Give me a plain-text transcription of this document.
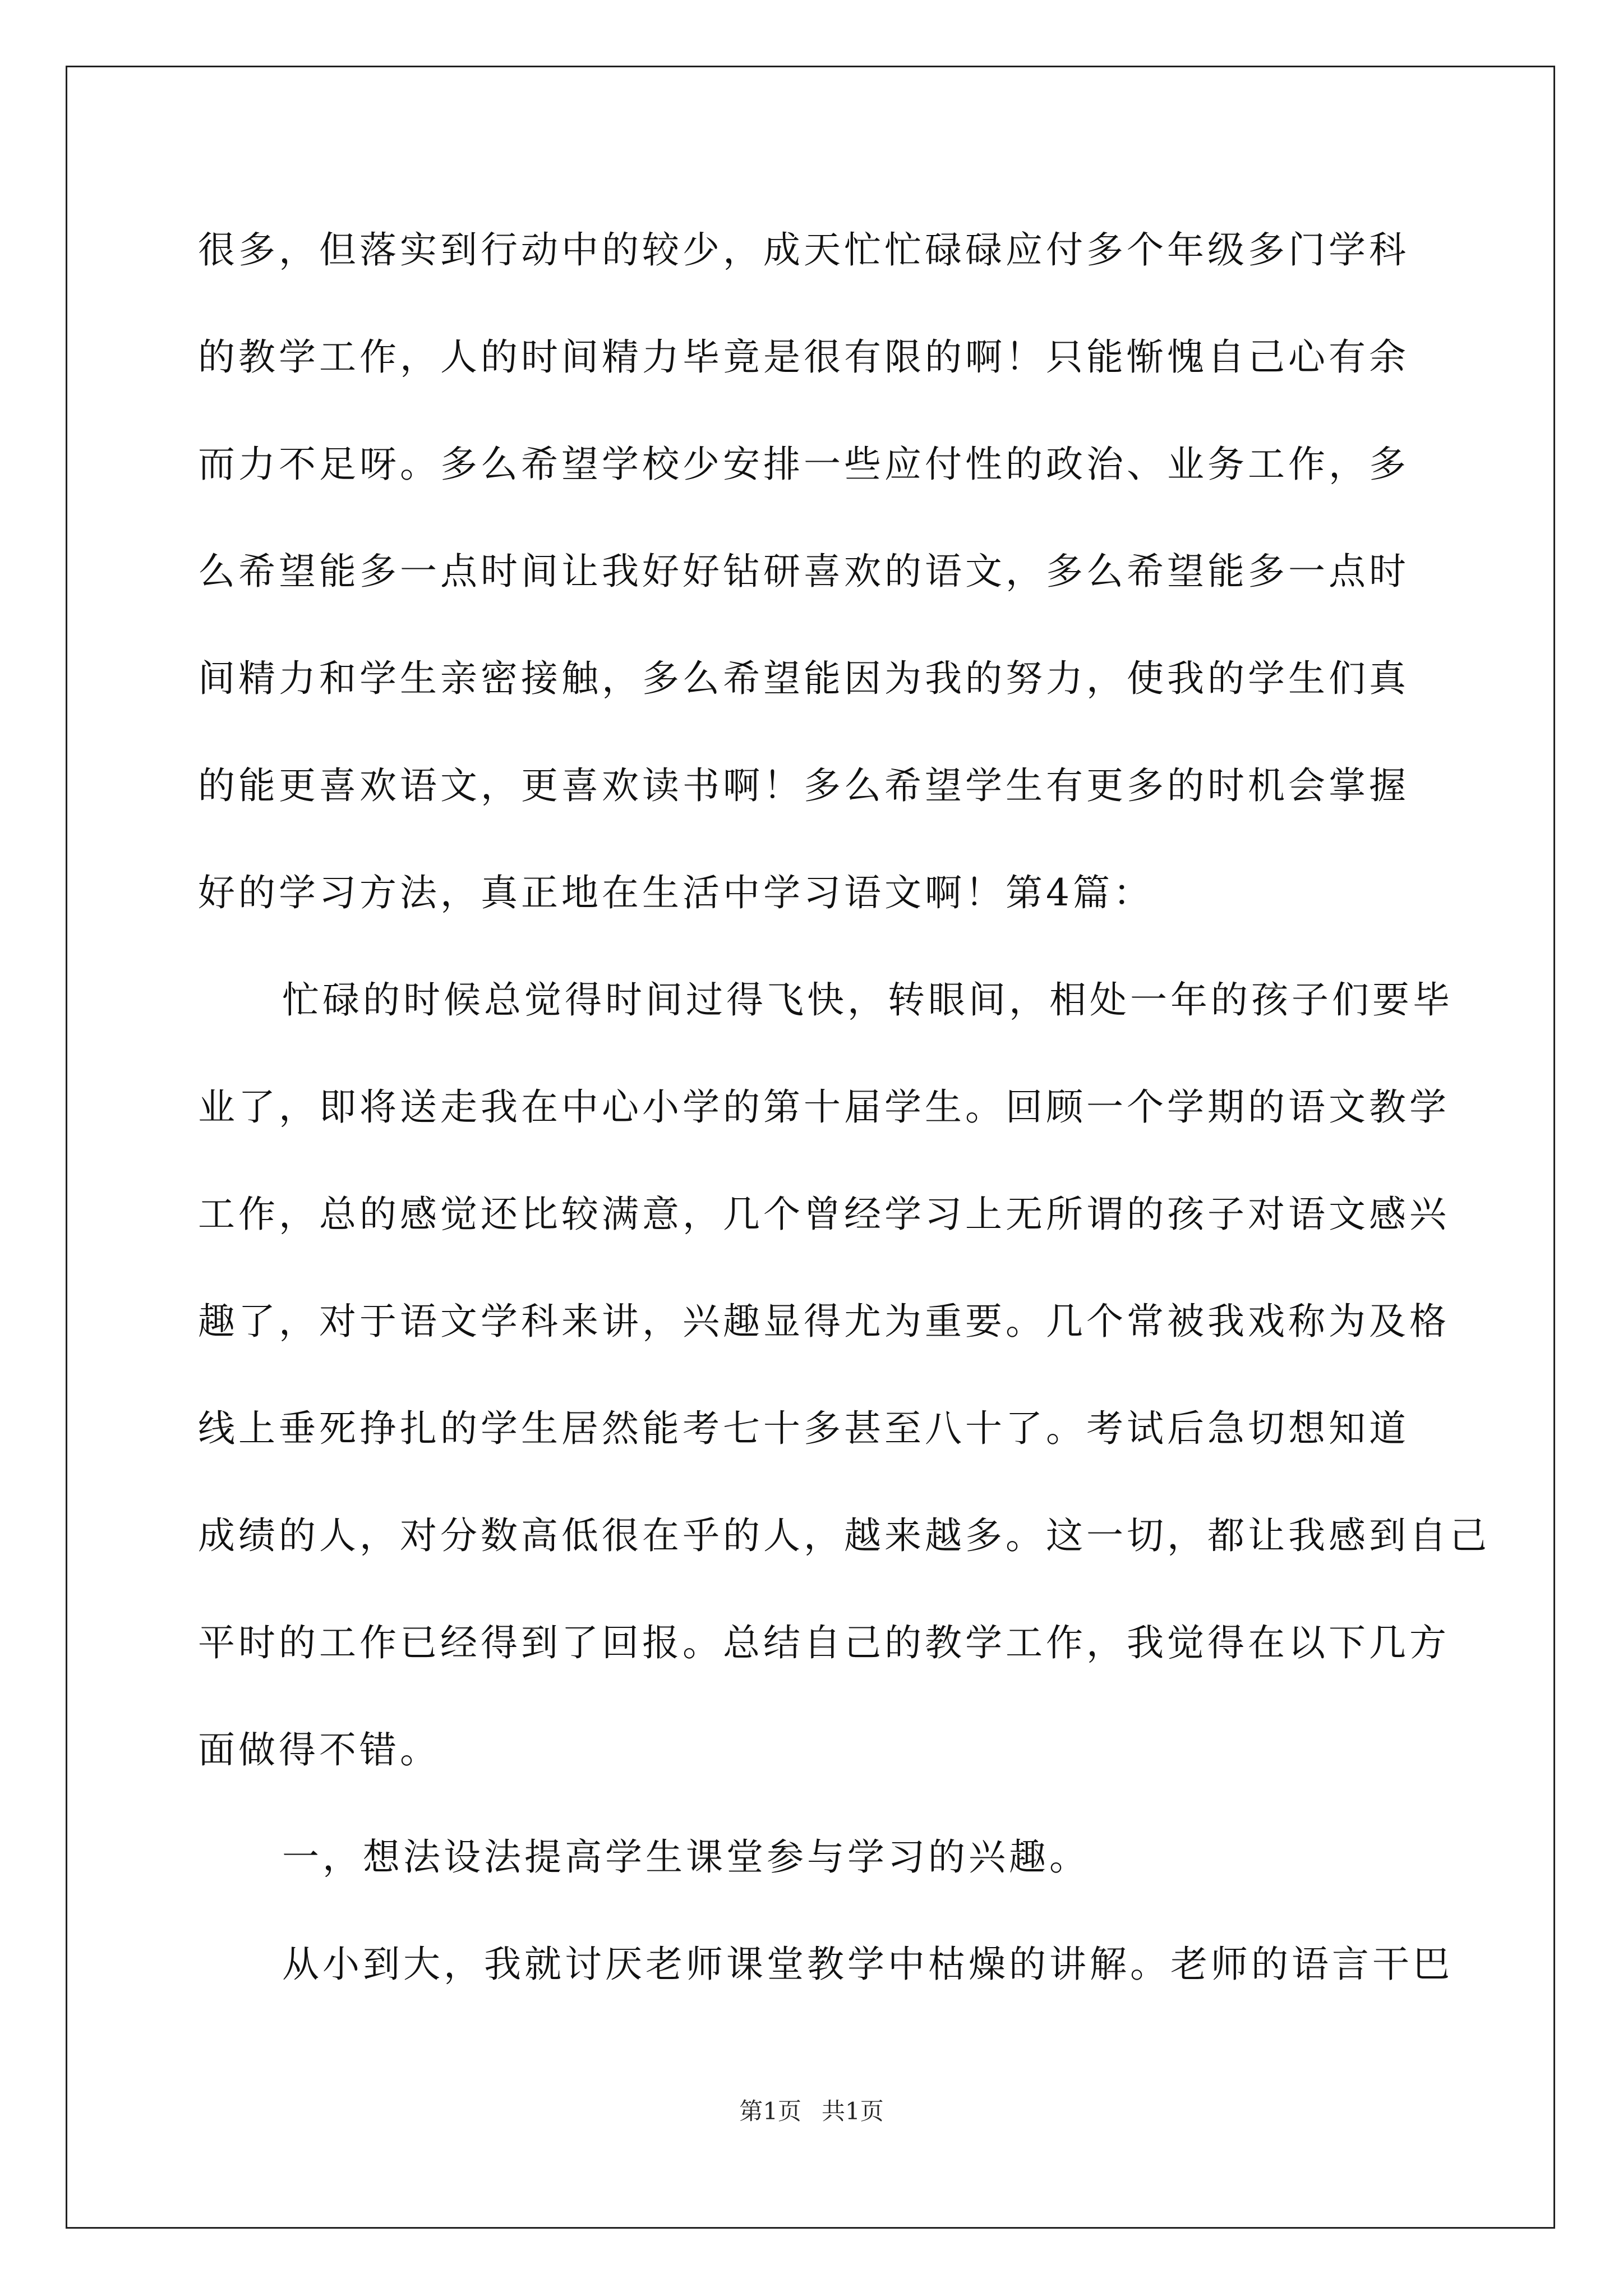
很多，但落实到行动中的较少，成天忙忙碌碌应付多个年级多门学科
的教学工作，人的时间精力毕竟是很有限的啊！只能惭愧自己心有余
而力不足呀。多么希望学校少安排一些应付性的政治、业务工作，多
么希望能多一点时间让我好好钻研喜欢的语文，多么希望能多一点时
间精力和学生亲密接触，多么希望能因为我的努力，使我的学生们真
的能更喜欢语文，更喜欢读书啊！多么希望学生有更多的时机会掌握
好的学习方法，真正地在生活中学习语文啊！第4篇：
忙碌的时候总觉得时间过得飞快，转眼间，相处一年的孩子们要毕
业了，即将送走我在中心小学的第十届学生。回顾一个学期的语文教学
工作，总的感觉还比较满意，几个曾经学习上无所谓的孩子对语文感兴
趣了，对于语文学科来讲，兴趣显得尤为重要。几个常被我戏称为及格
线上垂死挣扎的学生居然能考七十多甚至八十了。考试后急切想知道
成绩的人，对分数高低很在乎的人，越来越多。这一切，都让我感到自己
平时的工作已经得到了回报。总结自己的教学工作，我觉得在以下几方
面做得不错。
一，想法设法提高学生课堂参与学习的兴趣。
从小到大，我就讨厌老师课堂教学中枯燥的讲解。老师的语言干巴
第1页 共1页
